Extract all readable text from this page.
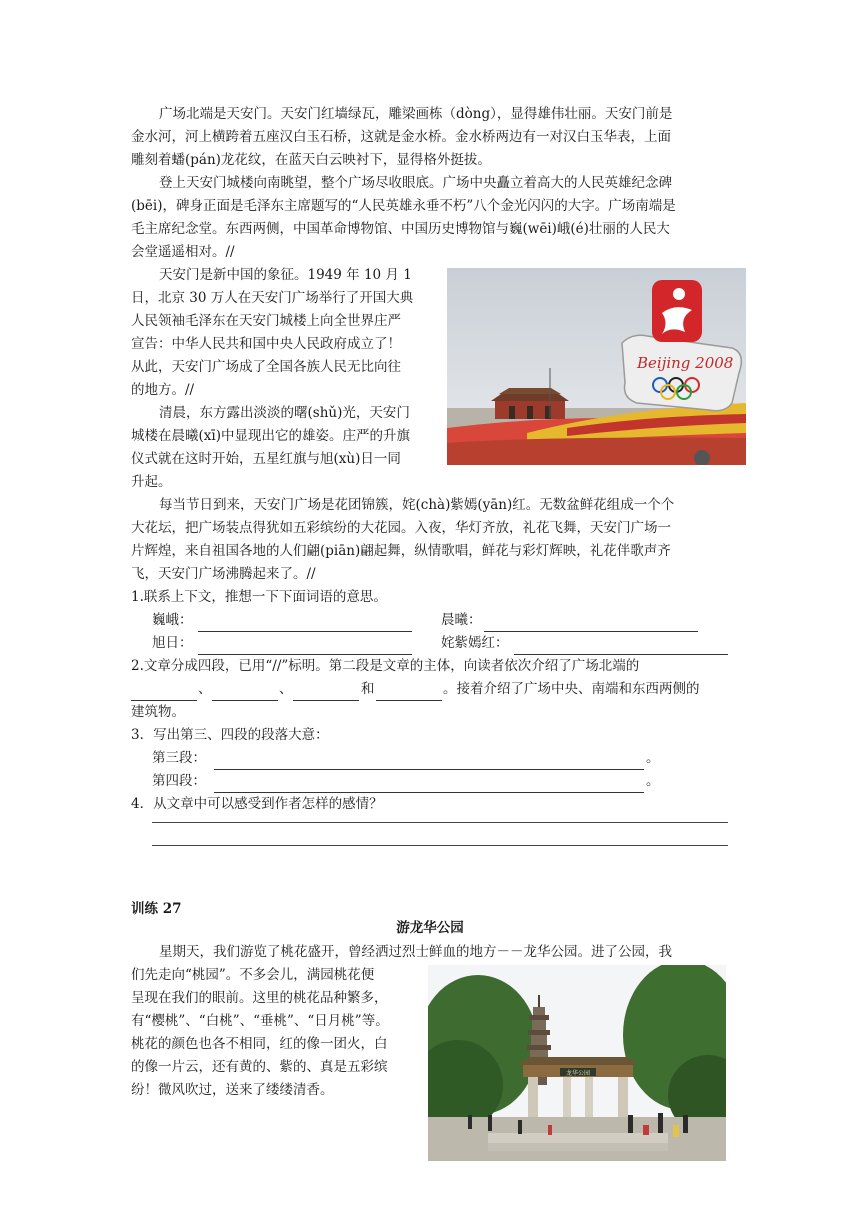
广场北端是天安门。天安门红墙绿瓦，雕梁画栋（dòng），显得雄伟壮丽。天安门前是
金水河，河上横跨着五座汉白玉石桥，这就是金水桥。金水桥两边有一对汉白玉华表，上面
雕刻着蟠(pán)龙花纹，在蓝天白云映衬下，显得格外挺拔。
登上天安门城楼向南眺望，整个广场尽收眼底。广场中央矗立着高大的人民英雄纪念碑
(bēi)，碑身正面是毛泽东主席题写的“人民英雄永垂不朽”八个金光闪闪的大字。广场南端是
毛主席纪念堂。东西两侧，中国革命博物馆、中国历史博物馆与巍(wēi)峨(é)壮丽的人民大
会堂遥遥相对。//
天安门是新中国的象征。1949 年 10 月 1
日，北京 30 万人在天安门广场举行了开国大典
人民领袖毛泽东在天安门城楼上向全世界庄严
宣告：中华人民共和国中央人民政府成立了！
从此，天安门广场成了全国各族人民无比向往
的地方。//
清晨，东方露出淡淡的曙(shǔ)光，天安门
城楼在晨曦(xī)中显现出它的雄姿。庄严的升旗
仪式就在这时开始，五星红旗与旭(xù)日一同
升起。
Beijing 2008
每当节日到来，天安门广场是花团锦簇，姹(chà)紫嫣(yān)红。无数盆鲜花组成一个个
大花坛，把广场装点得犹如五彩缤纷的大花园。入夜，华灯齐放，礼花飞舞，天安门广场一
片辉煌，来自祖国各地的人们翩(piān)翩起舞，纵情歌唱，鲜花与彩灯辉映，礼花伴歌声齐
飞，天安门广场沸腾起来了。//
1.联系上下文，推想一下下面词语的意思。
巍峨：	晨曦：
旭日：	姹紫嫣红：
2.文章分成四段，已用“//”标明。第二段是文章的主体，向读者依次介绍了广场北端的
、	、	和	。接着介绍了广场中央、南端和东西两侧的
建筑物。
3．写出第三、四段的段落大意：
第三段：	。
第四段：	。
4．从文章中可以感受到作者怎样的感情？
训练 27
游龙华公园
星期天，我们游览了桃花盛开，曾经洒过烈士鲜血的地方－－龙华公园。进了公园，我
们先走向“桃园”。不多会儿，满园桃花便
呈现在我们的眼前。这里的桃花品种繁多，
有“樱桃”、“白桃”、“垂桃”、“日月桃”等。
桃花的颜色也各不相同，红的像一团火，白
的像一片云，还有黄的、紫的、真是五彩缤
纷！微风吹过，送来了缕缕清香。
龙华公园
